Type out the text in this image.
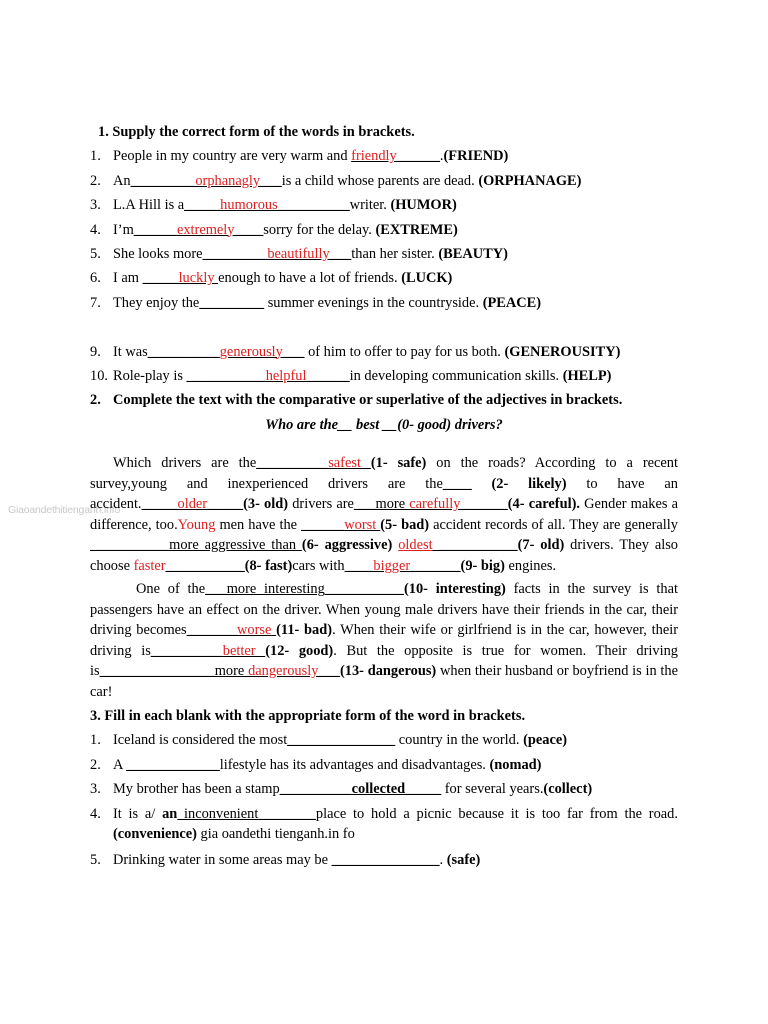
Giaoandethitienganh.info
1. Supply the correct form of the words in brackets.
1. People in my country are very warm and friendly______.(FRIEND)
2. An_________orphanagly___is a child whose parents are dead. (ORPHANAGE)
3. L.A Hill is a_____humorous__________writer. (HUMOR)
4. I’m______extremely____sorry for the delay. (EXTREME)
5. She looks more_________beautifully___than her sister. (BEAUTY)
6. I am _____luckly enough to have a lot of friends. (LUCK)
7. They enjoy the_________ summer evenings in the countryside. (PEACE)
9. It was__________generously___ of him to offer to pay for us both. (GENEROUSITY)
10. Role-play is ___________helpful______in developing communication skills. (HELP)
2. Complete the text with the comparative or superlative of the adjectives in brackets.
Who are the__ best __(0- good) drivers?

Which drivers are the__________safest (1- safe) on the roads? According to a recent survey,young and inexperienced drivers are the____ (2- likely) to have an accident._____older_____(3- old) drivers are___more carefully ______(4- careful). Gender makes a difference, too.Young men have the ______worst (5- bad) accident records of all. They are generally ___________more aggressive than (6- aggressive) oldest ___________(7- old) drivers. They also choose faster___________(8- fast)cars with____bigger_______(9- big) engines.

One of the___more interesting___________(10- interesting) facts in the survey is that passengers have an effect on the driver. When young male drivers have their friends in the car, their driving becomes_______worse (11- bad). When their wife or girlfriend is in the car, however, their driving is__________better (12- good). But the opposite is true for women. Their driving is________________more dangerously___(13- dangerous) when their husband or boyfriend is in the car!

3. Fill in each blank with the appropriate form of the word in brackets.
1. Iceland is considered the most_______________ country in the world. (peace)
2. A _____________lifestyle has its advantages and disadvantages. (nomad)
3. My brother has been a stamp__________collected_____ for several years.(collect)
4. It is a/ an inconvenient________place to hold a picnic because it is too far from the road. (convenience) gia oandethi tienganh.in fo
5. Drinking water in some areas may be _______________. (safe)
